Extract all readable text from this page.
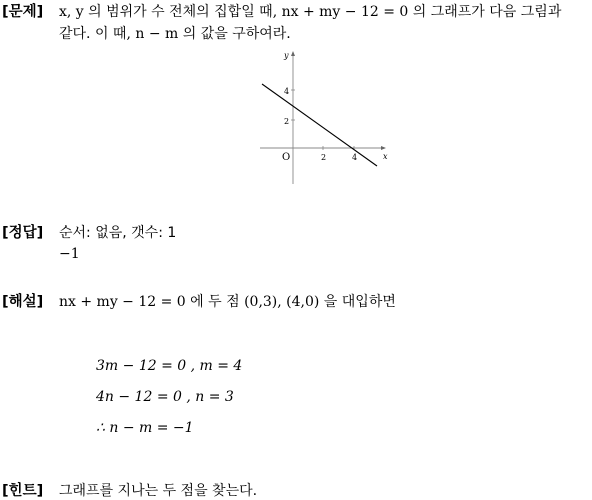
[문제] x, y 의 범위가 수 전체의 집합일 때, nx + my − 12 = 0 의 그래프가 다음 그림과
같다. 이 때, n − m 의 값을 구하여라.
y
x
O	2	4
2
4
[정답] 순서: 없음, 갯수: 1
−1
[해설] nx + my − 12 = 0 에 두 점 (0,3), (4,0) 을 대입하면
3m − 12 = 0 , m = 4
4n − 12 = 0 , n = 3
∴ n − m = −1
[힌트] 그래프를 지나는 두 점을 찾는다.
